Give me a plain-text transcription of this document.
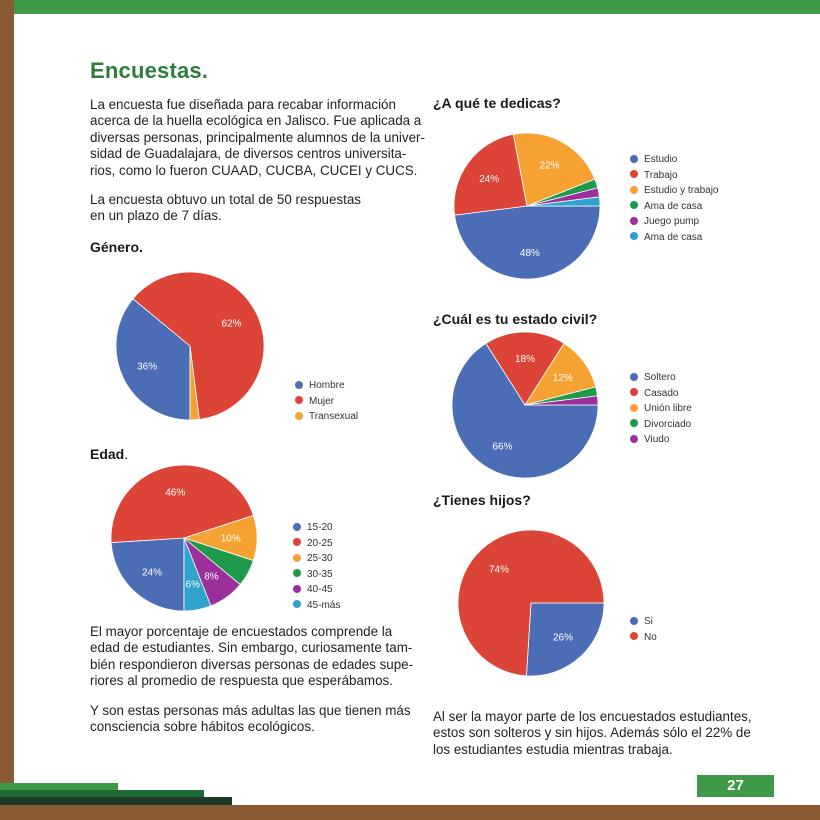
Encuestas.

La encuesta fue diseñada para recabar información
acerca de la huella ecológica en Jalisco. Fue aplicada a
diversas personas, principalmente alumnos de la univer-
sidad de Guadalajara, de diversos centros universita-
rios, como lo fueron CUAAD, CUCBA, CUCEI y CUCS.

La encuesta obtuvo un total de 50 respuestas
en un plazo de 7 días.

Género.
36%
62%
Hombre
Mujer
Transexual
Edad.
24%
46%
10%
8%
6%
15-20
20-25
25-30
30-35
40-45
45-más

El mayor porcentaje de encuestados comprende la
edad de estudiantes. Sin embargo, curiosamente tam-
bién respondieron diversas personas de edades supe-
riores al promedio de respuesta que esperábamos.

Y son estas personas más adultas las que tienen más
consciencia sobre hábitos ecológicos.

¿A qué te dedicas?
48%
24%
22%
Estudio
Trabajo
Estudio y trabajo
Ama de casa
Juego pump
Ama de casa
¿Cuál es tu estado civil?
66%
18%
12%	Soltero
Casado
Unión libre
Divorciado
Viudo
¿Tienes hijos?
26%
74%
Si
No

Al ser la mayor parte de los encuestados estudiantes,
estos son solteros y sin hijos. Además sólo el 22% de
los estudiantes estudia mientras trabaja.

27
